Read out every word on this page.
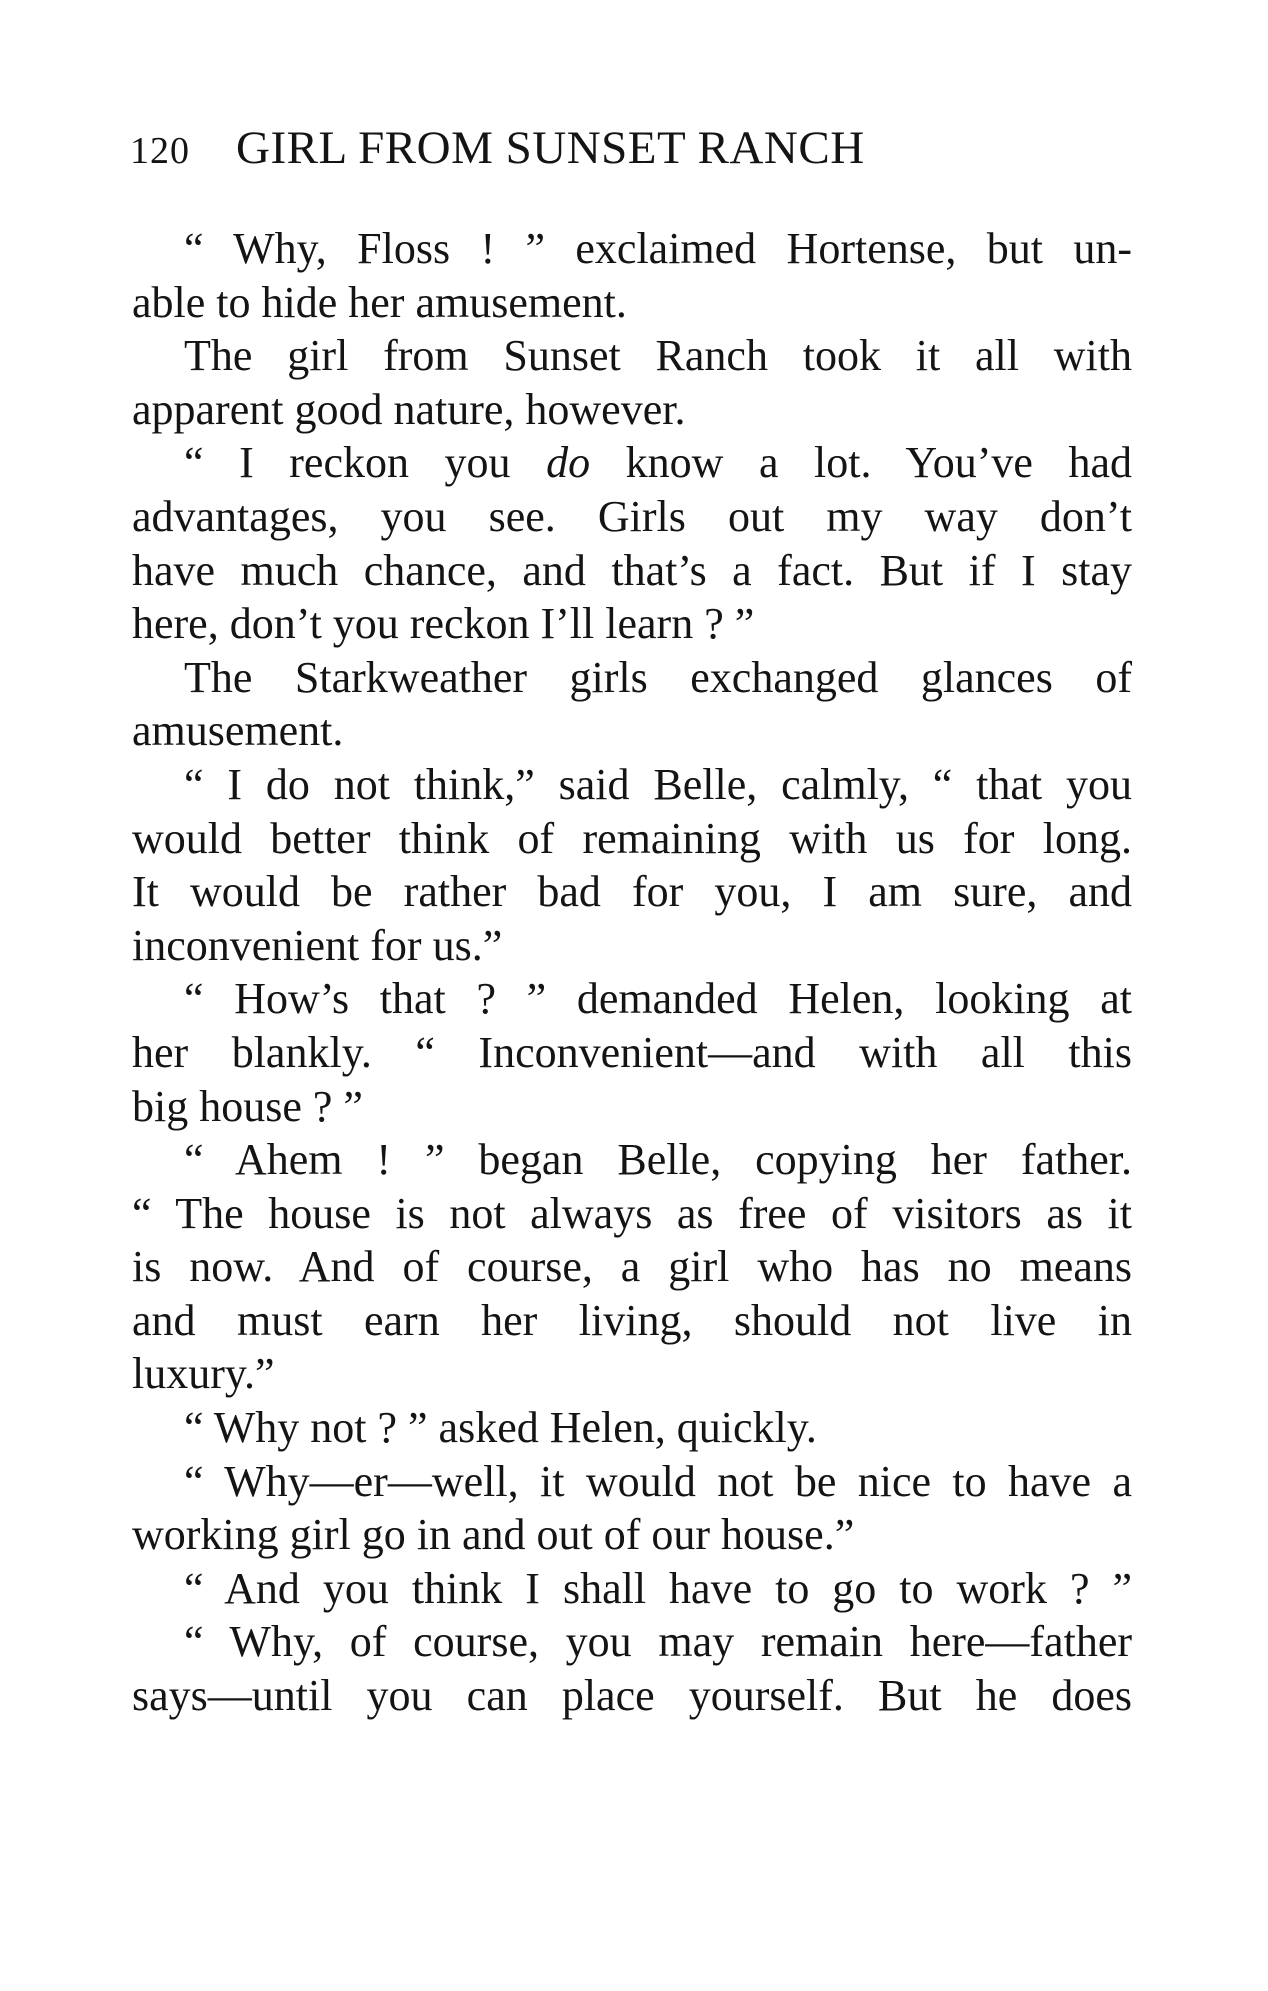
120 GIRL FROM SUNSET RANCH
“ Why, Floss ! ” exclaimed Hortense, but un-
able to hide her amusement.
The girl from Sunset Ranch took it all with
apparent good nature, however.
“ I reckon you do know a lot. You’ve had
advantages, you see. Girls out my way don’t
have much chance, and that’s a fact. But if I stay
here, don’t you reckon I’ll learn ? ”
The Starkweather girls exchanged glances of
amusement.
“ I do not think,” said Belle, calmly, “ that you
would better think of remaining with us for long.
It would be rather bad for you, I am sure, and
inconvenient for us.”
“ How’s that ? ” demanded Helen, looking at
her blankly. “ Inconvenient—and with all this
big house ? ”
“ Ahem ! ” began Belle, copying her father.
“ The house is not always as free of visitors as it
is now. And of course, a girl who has no means
and must earn her living, should not live in
luxury.”
“ Why not ? ” asked Helen, quickly.
“ Why—er—well, it would not be nice to have a
working girl go in and out of our house.”
“ And you think I shall have to go to work ? ”
“ Why, of course, you may remain here—father
says—until you can place yourself. But he does
